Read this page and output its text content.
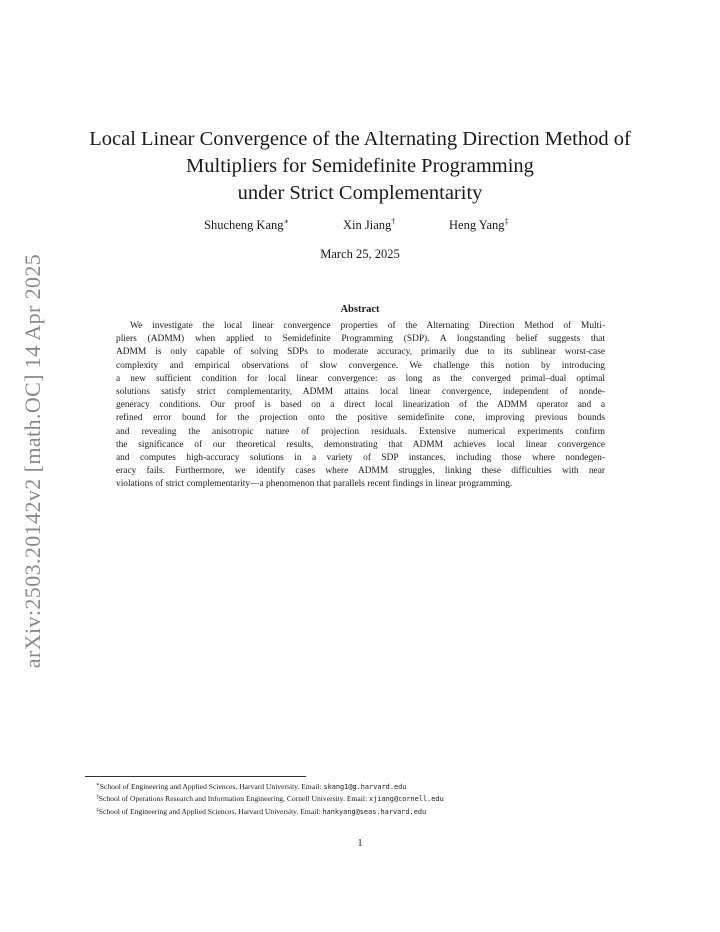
arXiv:2503.20142v2 [math.OC] 14 Apr 2025
Local Linear Convergence of the Alternating Direction Method of
Multipliers for Semidefinite Programming
under Strict Complementarity
Shucheng Kang∗	Xin Jiang†	Heng Yang‡
March 25, 2025
Abstract
We investigate the local linear convergence properties of the Alternating Direction Method of Multi-
pliers (ADMM) when applied to Semidefinite Programming (SDP). A longstanding belief suggests that
ADMM is only capable of solving SDPs to moderate accuracy, primarily due to its sublinear worst-case
complexity and empirical observations of slow convergence. We challenge this notion by introducing
a new sufficient condition for local linear convergence: as long as the converged primal–dual optimal
solutions satisfy strict complementarity, ADMM attains local linear convergence, independent of nonde-
generacy conditions. Our proof is based on a direct local linearization of the ADMM operator and a
refined error bound for the projection onto the positive semidefinite cone, improving previous bounds
and revealing the anisotropic nature of projection residuals. Extensive numerical experiments confirm
the significance of our theoretical results, demonstrating that ADMM achieves local linear convergence
and computes high-accuracy solutions in a variety of SDP instances, including those where nondegen-
eracy fails. Furthermore, we identify cases where ADMM struggles, linking these difficulties with near
violations of strict complementarity—a phenomenon that parallels recent findings in linear programming.
∗School of Engineering and Applied Sciences, Harvard University. Email: skang1@g.harvard.edu
†School of Operations Research and Information Engineering, Cornell University. Email: xjiang@cornell.edu
‡School of Engineering and Applied Sciences, Harvard University. Email: hankyang@seas.harvard.edu
1
